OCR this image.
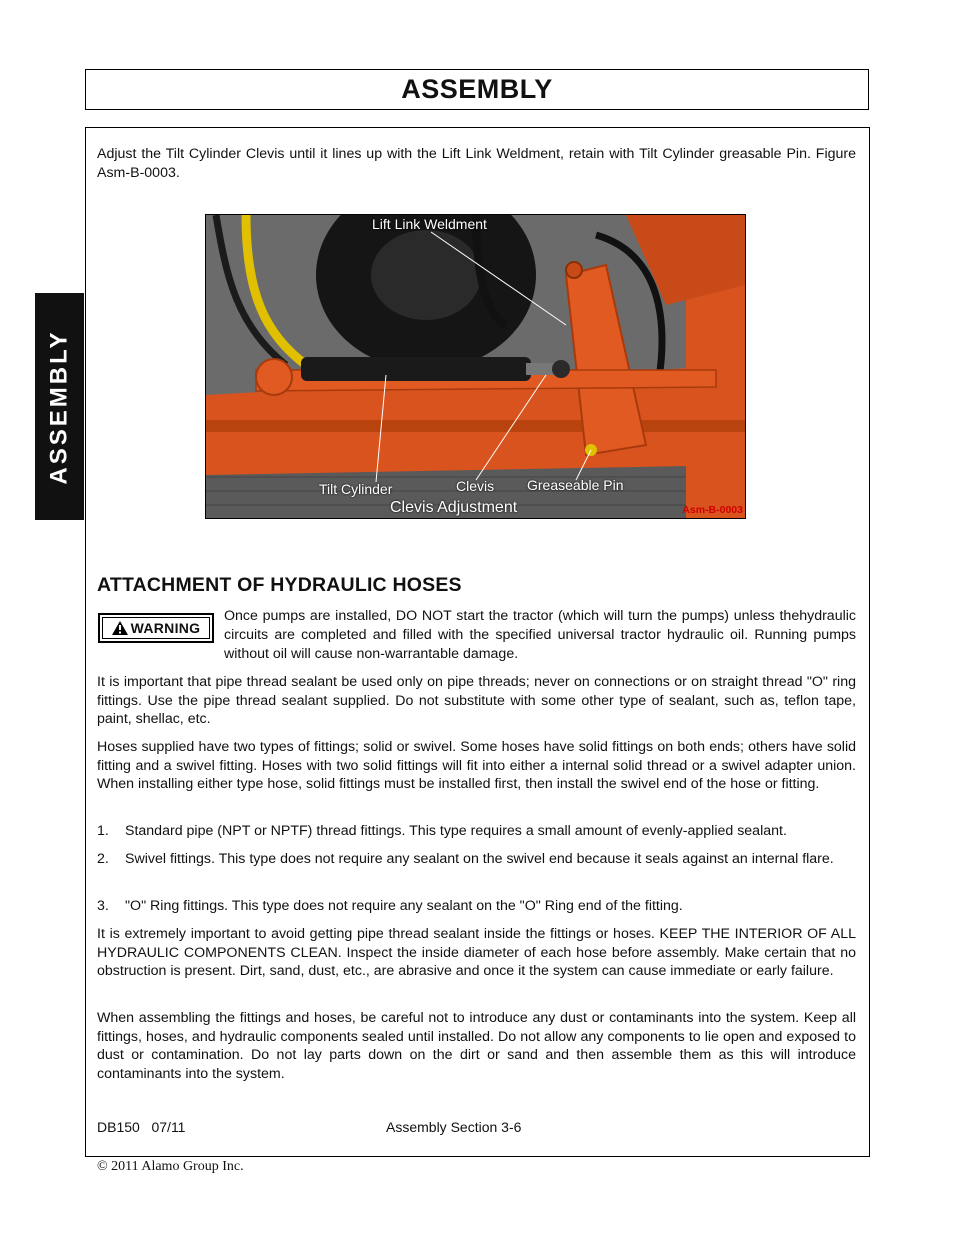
ASSEMBLY
ASSEMBLY

Adjust the Tilt Cylinder Clevis until it lines up with the Lift Link Weldment, retain with Tilt Cylinder greasable Pin. Figure Asm-B-0003.

Lift Link Weldment
Tilt Cylinder	Clevis Greaseable Pin
Clevis Adjustment	Asm-B-0003
ATTACHMENT OF HYDRAULIC HOSES
WARNING

Once pumps are installed, DO NOT start the tractor (which will turn the pumps) unless thehydraulic circuits are completed and filled with the specified universal tractor hydraulic oil. Running pumps without oil will cause non-warrantable damage.

It is important that pipe thread sealant be used only on pipe threads; never on connections or on straight thread "O" ring fittings. Use the pipe thread sealant supplied. Do not substitute with some other type of sealant, such as, teflon tape, paint, shellac, etc.

Hoses supplied have two types of fittings; solid or swivel. Some hoses have solid fittings on both ends; others have solid fitting and a swivel fitting. Hoses with two solid fittings will fit into either a internal solid thread or a swivel adapter union. When installing either type hose, solid fittings must be installed first, then install the swivel end of the hose or fitting.

1. Standard pipe (NPT or NPTF) thread fittings. This type requires a small amount of evenly-applied sealant.
2. Swivel fittings. This type does not require any sealant on the swivel end because it seals against an internal flare.
3. "O" Ring fittings. This type does not require any sealant on the "O" Ring end of the fitting.

It is extremely important to avoid getting pipe thread sealant inside the fittings or hoses. KEEP THE INTERIOR OF ALL HYDRAULIC COMPONENTS CLEAN. Inspect the inside diameter of each hose before assembly. Make certain that no obstruction is present. Dirt, sand, dust, etc., are abrasive and once it the system can cause immediate or early failure.

When assembling the fittings and hoses, be careful not to introduce any dust or contaminants into the system. Keep all fittings, hoses, and hydraulic components sealed until installed. Do not allow any components to lie open and exposed to dust or contamination. Do not lay parts down on the dirt or sand and then assemble them as this will introduce contaminants into the system.

DB150   07/11	Assembly Section 3-6
© 2011 Alamo Group Inc.
